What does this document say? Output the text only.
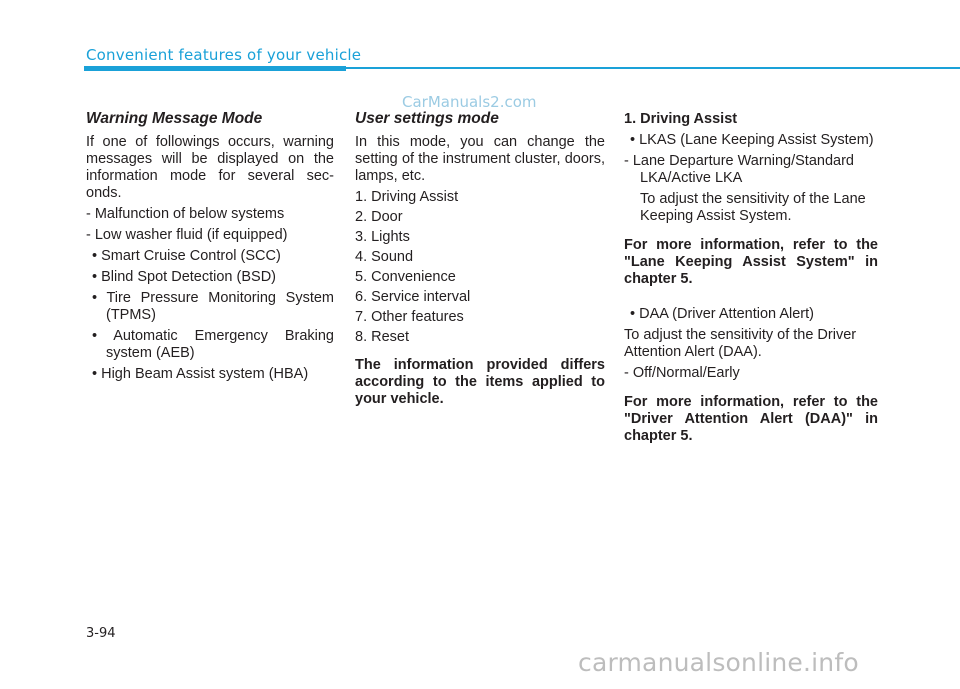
Convenient features of your vehicle
CarManuals2.com
Warning Message Mode

If one of followings occurs, warning messages will be displayed on the information mode for several sec-onds.

- Malfunction of below systems
- Low washer fluid (if equipped)
• Smart Cruise Control (SCC)
• Blind Spot Detection (BSD)
• Tire Pressure Monitoring System (TPMS)
• Automatic Emergency Braking system (AEB)
• High Beam Assist system (HBA)
User settings mode

In this mode, you can change the setting of the instrument cluster, doors, lamps, etc.

1. Driving Assist
2. Door
3. Lights
4. Sound
5. Convenience
6. Service interval
7. Other features
8. Reset

The information provided differs according to the items applied to your vehicle.

1. Driving Assist
• LKAS (Lane Keeping Assist System)
- Lane Departure Warning/Standard LKA/Active LKA

To adjust the sensitivity of the Lane Keeping Assist System.

For more information, refer to the "Lane Keeping Assist System" in chapter 5.

• DAA (Driver Attention Alert)

To adjust the sensitivity of the Driver Attention Alert (DAA).

- Off/Normal/Early

For more information, refer to the "Driver Attention Alert (DAA)" in chapter 5.

3-94
carmanualsonline.info
